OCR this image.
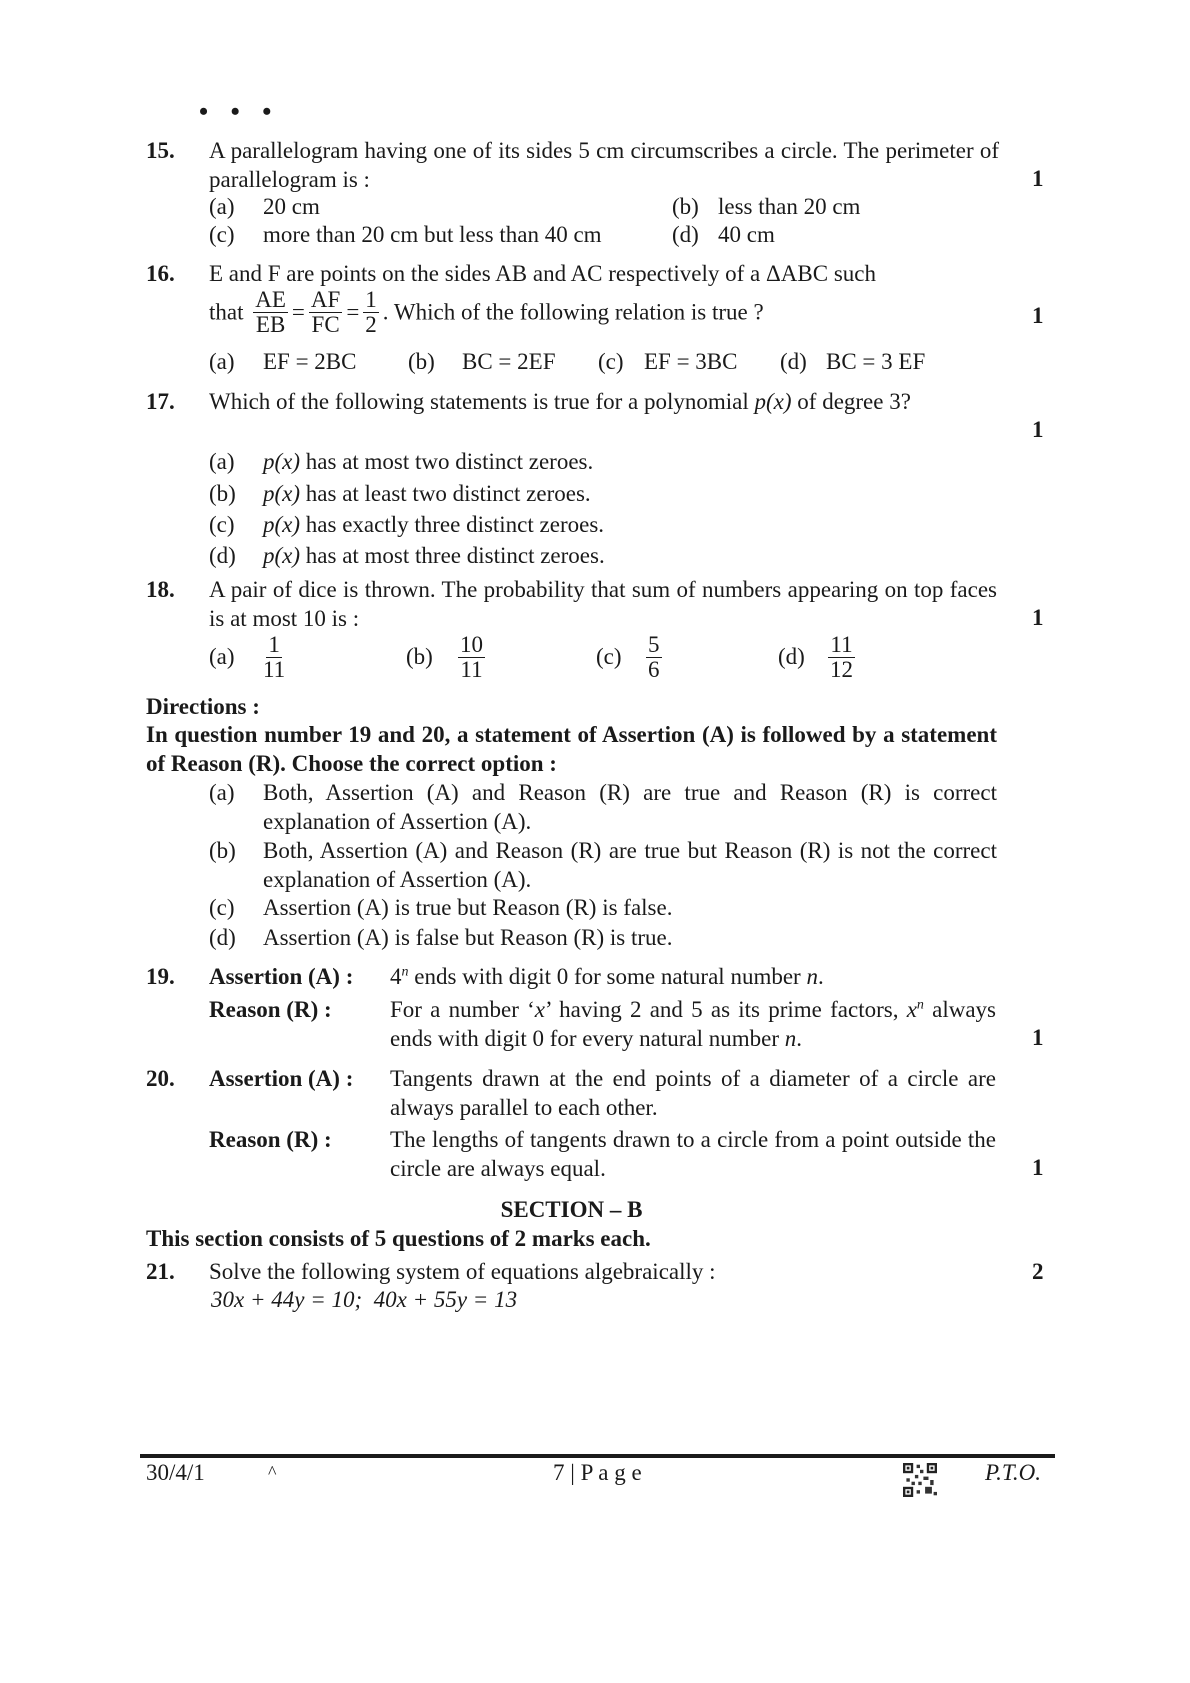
• • •
15. A parallelogram having one of its sides 5 cm circumscribes a circle. The perimeter of parallelogram is :	1
(a) 20 cm	(b) less than 20 cm
(c) more than 20 cm but less than 40 cm	(d) 40 cm
16. E and F are points on the sides AB and AC respectively of a ΔABC such
that $\frac{AE}{EB} = \frac{AF}{FC} = \frac{1}{2}$ . Which of the following relation is true ?	1
(a) EF = 2BC (b) BC = 2EF (c) EF = 3BC (d) BC = 3 EF
17. Which of the following statements is true for a polynomial p(x) of degree 3?
1
(a) p(x) has at most two distinct zeroes.
(b) p(x) has at least two distinct zeroes.
(c) p(x) has exactly three distinct zeroes.
(d) p(x) has at most three distinct zeroes.
18. A pair of dice is thrown. The probability that sum of numbers appearing on top faces is at most 10 is :	1
$(a) \frac{1}{11}$	$(b) \frac{10}{11}$	$(c) \frac{5}{6}$	$(d) \frac{11}{12}$
Directions :
In question number 19 and 20, a statement of Assertion (A) is followed by a statement of Reason (R). Choose the correct option :
(a)	Both, Assertion (A) and Reason (R) are true and Reason (R) is correct explanation of Assertion (A).
(b)	Both, Assertion (A) and Reason (R) are true but Reason (R) is not the correct explanation of Assertion (A).
(c) Assertion (A) is true but Reason (R) is false.
(d) Assertion (A) is false but Reason (R) is true.
19. Assertion (A) : 4$^n$ ends with digit 0 for some natural number n.
Reason (R) :	For a number ‘x’ having 2 and 5 as its prime factors, $x^n$ always ends with digit 0 for every natural number n.	1
20. Assertion (A) : Tangents drawn at the end points of a diameter of a circle are always parallel to each other.
Reason (R) :	The lengths of tangents drawn to a circle from a point outside the circle are always equal.	1
SECTION – B
This section consists of 5 questions of 2 marks each.
21. Solve the following system of equations algebraically :	2
30x + 44y = 10;  40x + 55y = 13
30/4/1	^	7 | P a g e	P.T.O.
